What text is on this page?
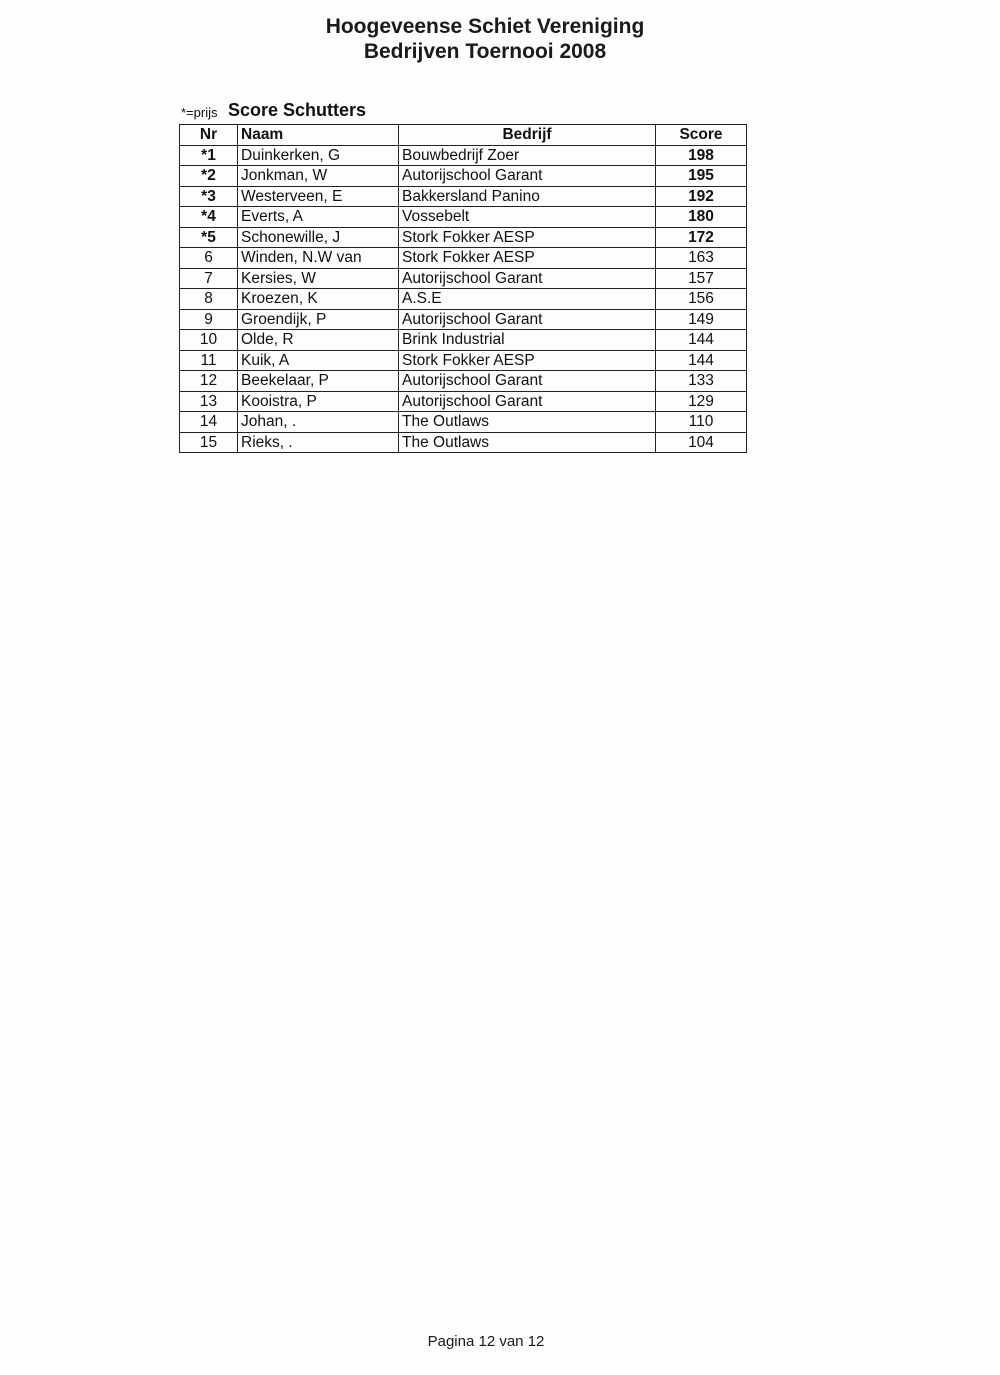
Hoogeveense Schiet Vereniging
Bedrijven Toernooi 2008
*=prijs Score Schutters
Nr	Naam	Bedrijf	Score
*1	Duinkerken, G	Bouwbedrijf Zoer	198
*2	Jonkman, W	Autorijschool Garant	195
*3	Westerveen, E	Bakkersland Panino	192
*4	Everts, A	Vossebelt	180
*5	Schonewille, J	Stork Fokker AESP	172
6	Winden, N.W van	Stork Fokker AESP	163
7	Kersies, W	Autorijschool Garant	157
8	Kroezen, K	A.S.E	156
9	Groendijk, P	Autorijschool Garant	149
10	Olde, R	Brink Industrial	144
11	Kuik, A	Stork Fokker AESP	144
12	Beekelaar, P	Autorijschool Garant	133
13	Kooistra, P	Autorijschool Garant	129
14	Johan, .	The Outlaws	110
15	Rieks, .	The Outlaws	104
Pagina 12 van 12
